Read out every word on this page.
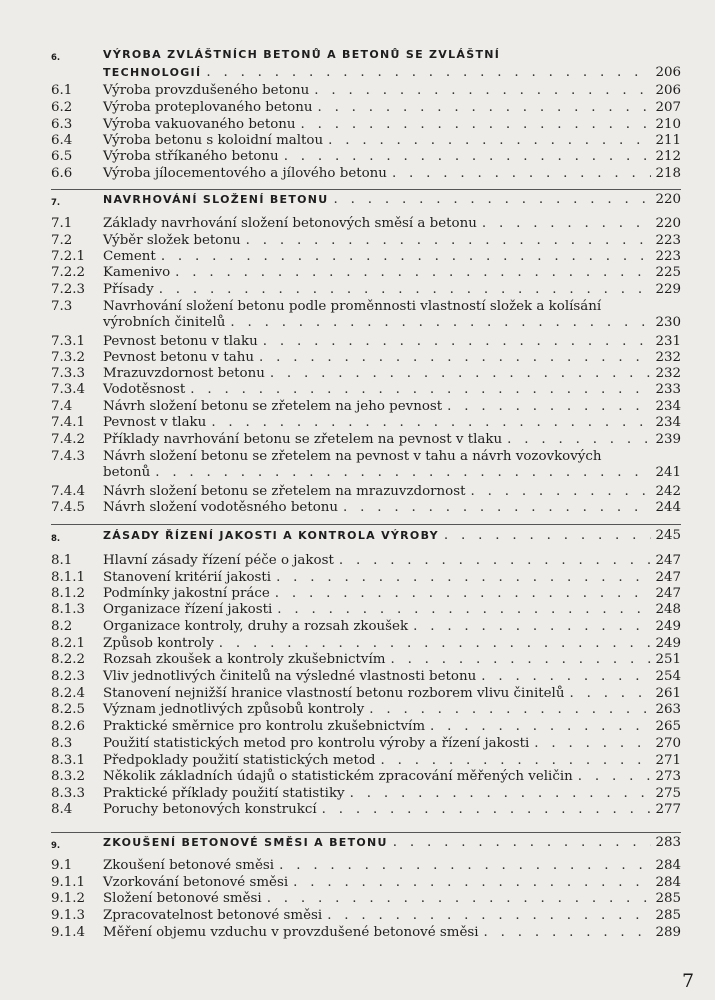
6.	VÝROBA ZVLÁŠTNÍCH BETONŮ A BETONŮ SE ZVLÁŠTNÍ
TECHNOLOGIÍ . . .	206
6.1 Výroba provzdušeného betonu . . .	206
6.2 Výroba proteplovaného betonu . . .	207
6.3 Výroba vakuovaného betonu . . .	210
6.4 Výroba betonu s koloidní maltou . . .	211
6.5 Výroba stříkaného betonu . . .	212
6.6 Výroba jílocementového a jílového betonu . . .	218
7.	NAVRHOVÁNÍ SLOŽENÍ BETONU . . .	220
7.1 Základy navrhování složení betonových směsí a betonu . . .	220
7.2 Výběr složek betonu . . .	223
7.2.1 Cement . . .	223
7.2.2 Kamenivo . . .	225
7.2.3 Přísady . . .	229
7.3 Navrhování složení betonu podle proměnnosti vlastností složek a kolísání
výrobních činitelů . . .	230
7.3.1 Pevnost betonu v tlaku . . .	231
7.3.2 Pevnost betonu v tahu . . .	232
7.3.3 Mrazuvzdornost betonu . . .	232
7.3.4 Vodotěsnost . . .	233
7.4 Návrh složení betonu se zřetelem na jeho pevnost . . .	234
7.4.1 Pevnost v tlaku . . .	234
7.4.2 Příklady navrhování betonu se zřetelem na pevnost v tlaku . . .	239
7.4.3 Návrh složení betonu se zřetelem na pevnost v tahu a návrh vozovkových
betonů . . .	241
7.4.4 Návrh složení betonu se zřetelem na mrazuvzdornost . . .	242
7.4.5 Návrh složení vodotěsného betonu . . .	244
8.	ZÁSADY ŘÍZENÍ JAKOSTI A KONTROLA VÝROBY . . .	245
8.1 Hlavní zásady řízení péče o jakost . . .	247
8.1.1 Stanovení kritérií jakosti . . .	247
8.1.2 Podmínky jakostní práce . . .	247
8.1.3 Organizace řízení jakosti . . .	248
8.2 Organizace kontroly, druhy a rozsah zkoušek . . .	249
8.2.1 Způsob kontroly . . .	249
8.2.2 Rozsah zkoušek a kontroly zkušebnictvím . . .	251
8.2.3 Vliv jednotlivých činitelů na výsledné vlastnosti betonu . . .	254
8.2.4 Stanovení nejnižší hranice vlastností betonu rozborem vlivu činitelů . . .	261
8.2.5 Význam jednotlivých způsobů kontroly . . .	263
8.2.6 Praktické směrnice pro kontrolu zkušebnictvím . . .	265
8.3 Použití statistických metod pro kontrolu výroby a řízení jakosti . . .	270
8.3.1 Předpoklady použití statistických metod . . .	271
8.3.2 Několik základních údajů o statistickém zpracování měřených veličin . . .	273
8.3.3 Praktické příklady použití statistiky . . .	275
8.4 Poruchy betonových konstrukcí . . .	277
9.	ZKOUŠENÍ BETONOVÉ SMĚSI A BETONU . . .	283
9.1 Zkoušení betonové směsi . . .	284
9.1.1 Vzorkování betonové směsi . . .	284
9.1.2 Složení betonové směsi . . .	285
9.1.3 Zpracovatelnost betonové směsi . . .	285
9.1.4 Měření objemu vzduchu v provzdušené betonové směsi . . .	289
7
